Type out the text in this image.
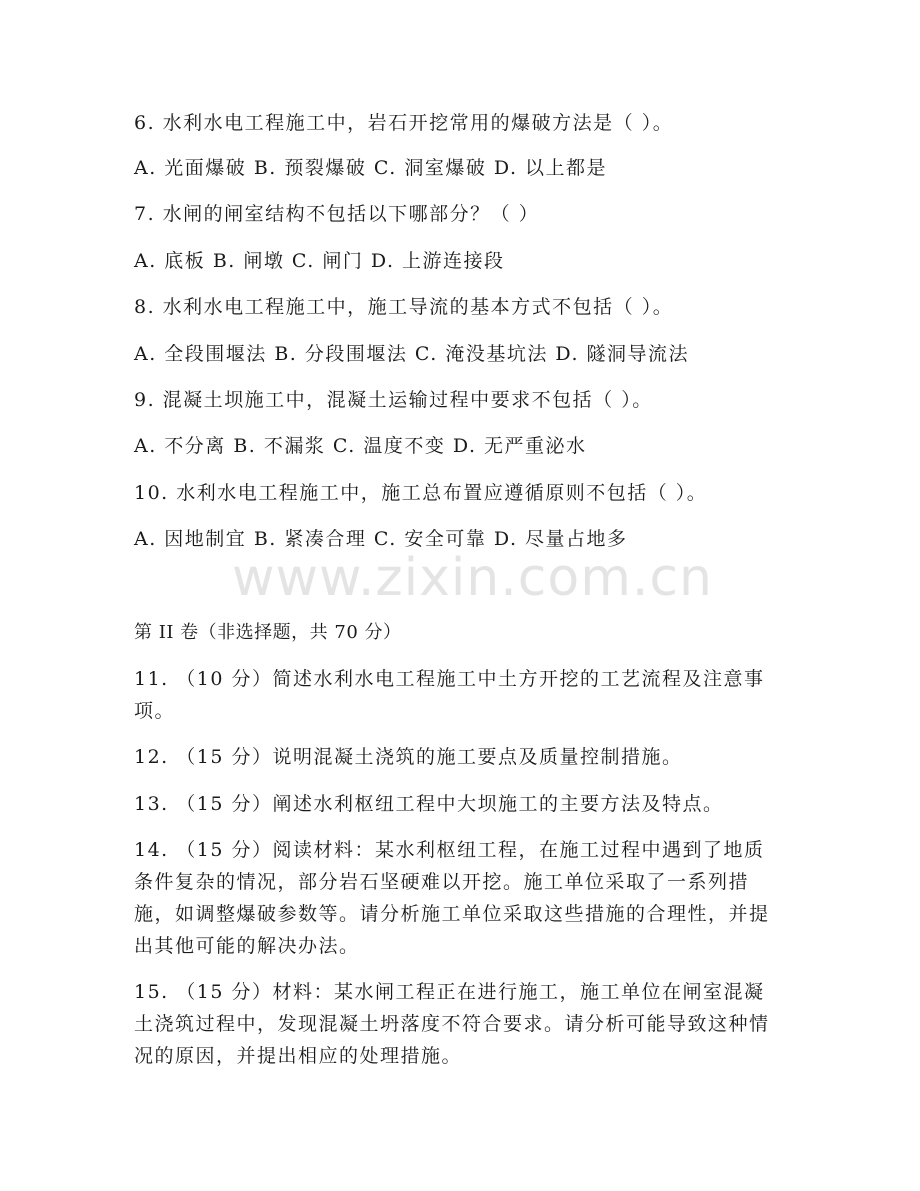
6. 水利水电工程施工中，岩石开挖常用的爆破方法是（ ）。
A. 光面爆破 B. 预裂爆破 C. 洞室爆破 D. 以上都是
7. 水闸的闸室结构不包括以下哪部分？（ ）
A. 底板 B. 闸墩 C. 闸门 D. 上游连接段
8. 水利水电工程施工中，施工导流的基本方式不包括（ ）。
A. 全段围堰法 B. 分段围堰法 C. 淹没基坑法 D. 隧洞导流法
9. 混凝土坝施工中，混凝土运输过程中要求不包括（ ）。
A. 不分离 B. 不漏浆 C. 温度不变 D. 无严重泌水
10. 水利水电工程施工中，施工总布置应遵循原则不包括（ ）。
A. 因地制宜 B. 紧凑合理 C. 安全可靠 D. 尽量占地多
www.zixin.com.cn
第 II 卷（非选择题，共 70 分）
11. （10 分）简述水利水电工程施工中土方开挖的工艺流程及注意事项。
12. （15 分）说明混凝土浇筑的施工要点及质量控制措施。
13. （15 分）阐述水利枢纽工程中大坝施工的主要方法及特点。
14. （15 分）阅读材料：某水利枢纽工程，在施工过程中遇到了地质条件复杂的情况，部分岩石坚硬难以开挖。施工单位采取了一系列措施，如调整爆破参数等。请分析施工单位采取这些措施的合理性，并提出其他可能的解决办法。
15. （15 分）材料：某水闸工程正在进行施工，施工单位在闸室混凝土浇筑过程中，发现混凝土坍落度不符合要求。请分析可能导致这种情况的原因，并提出相应的处理措施。
